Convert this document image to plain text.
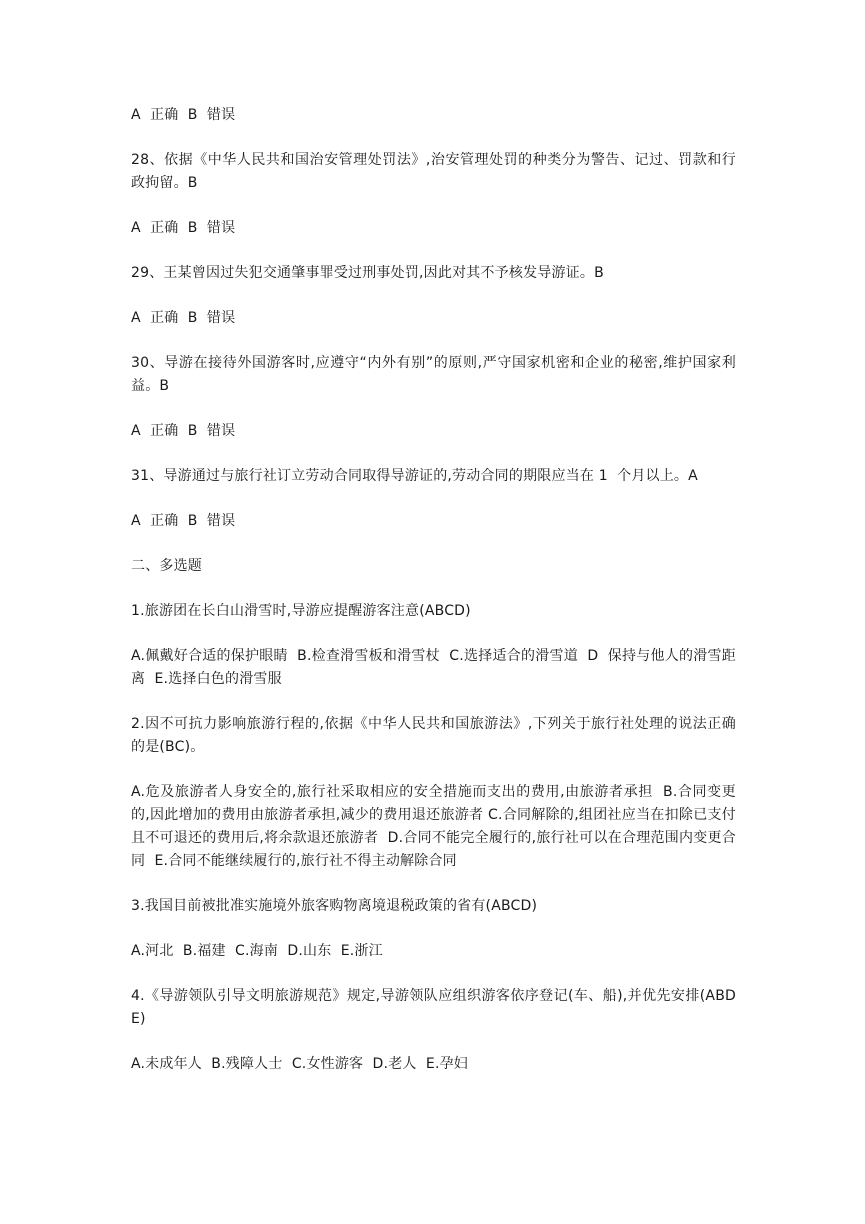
A  正确  B  错误

28、依据《中华人民共和国治安管理处罚法》,治安管理处罚的种类分为警告、记过、罚款和行政拘留。B

A  正确  B  错误

29、王某曾因过失犯交通肇事罪受过刑事处罚,因此对其不予核发导游证。B

A  正确  B  错误

30、导游在接待外国游客时,应遵守“内外有别”的原则,严守国家机密和企业的秘密,维护国家利益。B

A  正确  B  错误

31、导游通过与旅行社订立劳动合同取得导游证的,劳动合同的期限应当在 1  个月以上。A

A  正确  B  错误

二、多选题

1.旅游团在长白山滑雪时,导游应提醒游客注意(ABCD)

A.佩戴好合适的保护眼睛  B.检查滑雪板和滑雪杖  C.选择适合的滑雪道  D  保持与他人的滑雪距离  E.选择白色的滑雪服

2.因不可抗力影响旅游行程的,依据《中华人民共和国旅游法》,下列关于旅行社处理的说法正确的是(BC)。

A.危及旅游者人身安全的,旅行社采取相应的安全措施而支出的费用,由旅游者承担  B.合同变更的,因此增加的费用由旅游者承担,减少的费用退还旅游者 C.合同解除的,组团社应当在扣除已支付且不可退还的费用后,将余款退还旅游者  D.合同不能完全履行的,旅行社可以在合理范围内变更合同  E.合同不能继续履行的,旅行社不得主动解除合同

3.我国目前被批准实施境外旅客购物离境退税政策的省有(ABCD)

A.河北  B.福建  C.海南  D.山东  E.浙江

4.《导游领队引导文明旅游规范》规定,导游领队应组织游客依序登记(车、船),并优先安排(ABDE)

A.未成年人  B.残障人士  C.女性游客  D.老人  E.孕妇
